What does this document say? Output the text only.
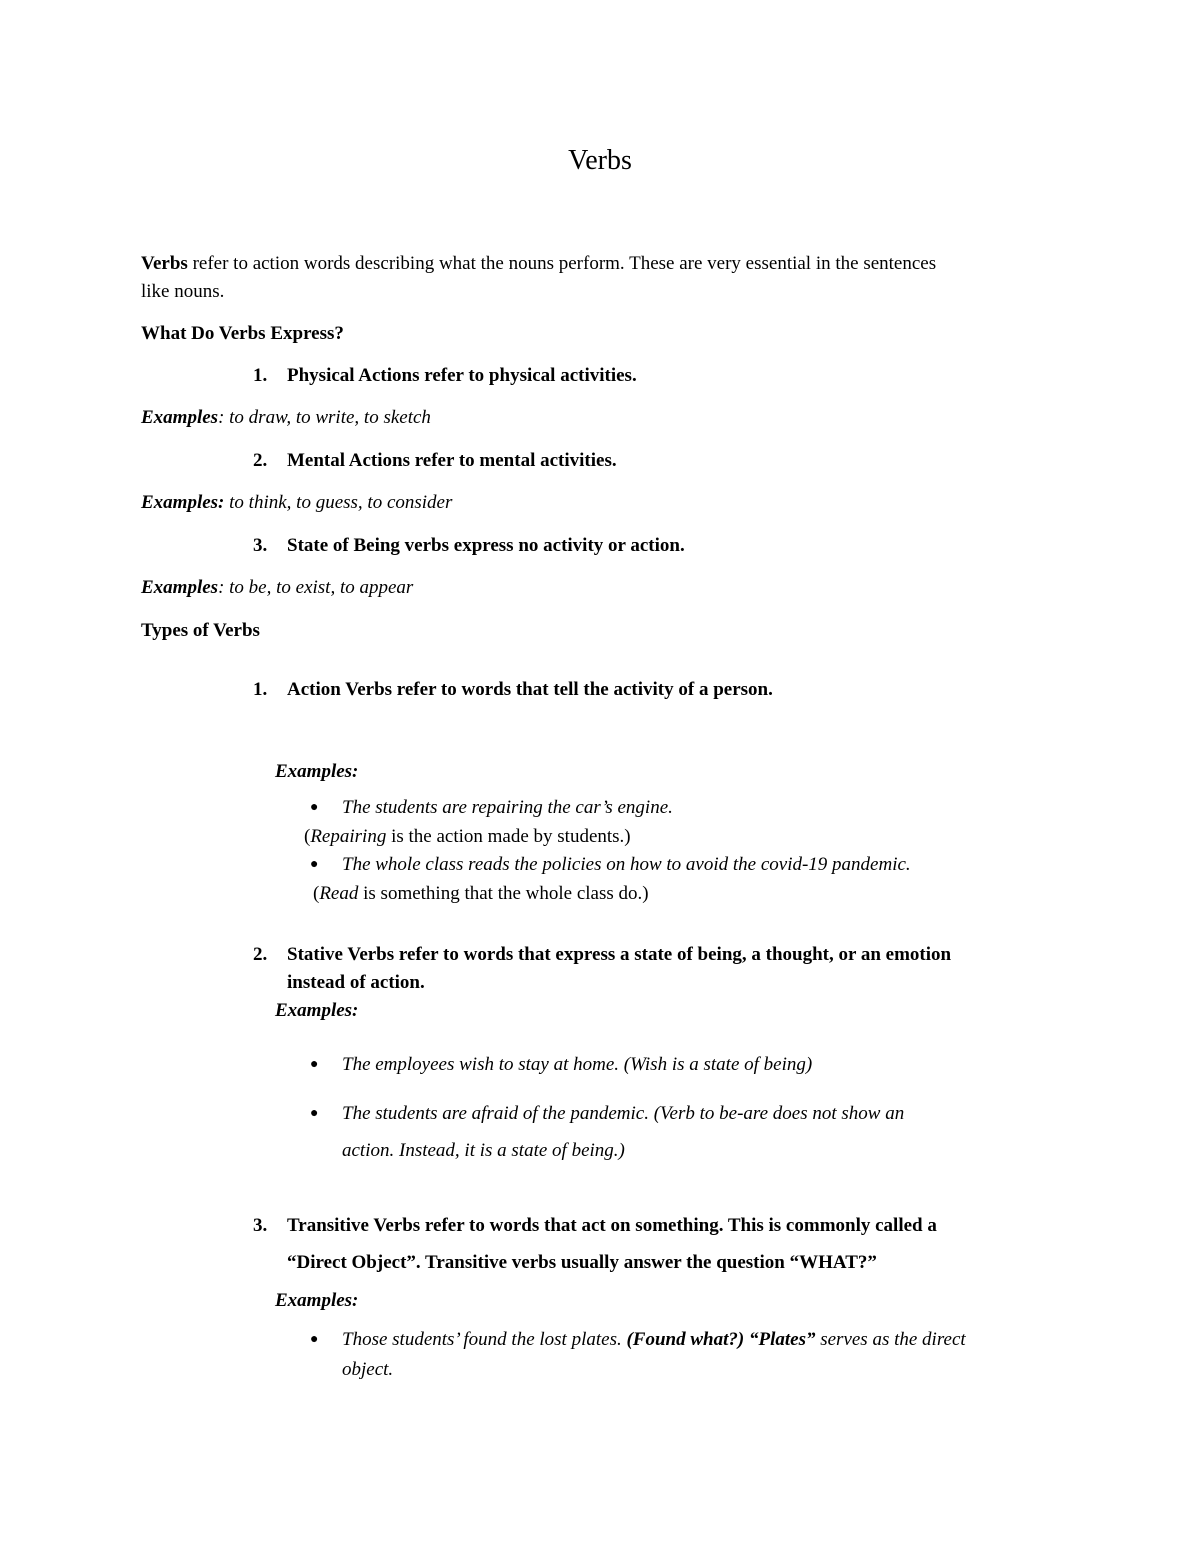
Verbs
Verbs refer to action words describing what the nouns perform. These are very essential in the sentences
like nouns.
What Do Verbs Express?
1. Physical Actions refer to physical activities.
Examples: to draw, to write, to sketch
2. Mental Actions refer to mental activities.
Examples: to think, to guess, to consider
3. State of Being verbs express no activity or action.
Examples: to be, to exist, to appear
Types of Verbs
1. Action Verbs refer to words that tell the activity of a person.
Examples:
● The students are repairing the car’s engine.
(Repairing is the action made by students.)
● The whole class reads the policies on how to avoid the covid-19 pandemic.
(Read is something that the whole class do.)
2. Stative Verbs refer to words that express a state of being, a thought, or an emotion
instead of action.
Examples:
● The employees wish to stay at home. (Wish is a state of being)
● The students are afraid of the pandemic. (Verb to be-are does not show an
action. Instead, it is a state of being.)
3. Transitive Verbs refer to words that act on something. This is commonly called a
“Direct Object”. Transitive verbs usually answer the question “WHAT?”
Examples:
● Those students’ found the lost plates. (Found what?) “Plates” serves as the direct
object.
